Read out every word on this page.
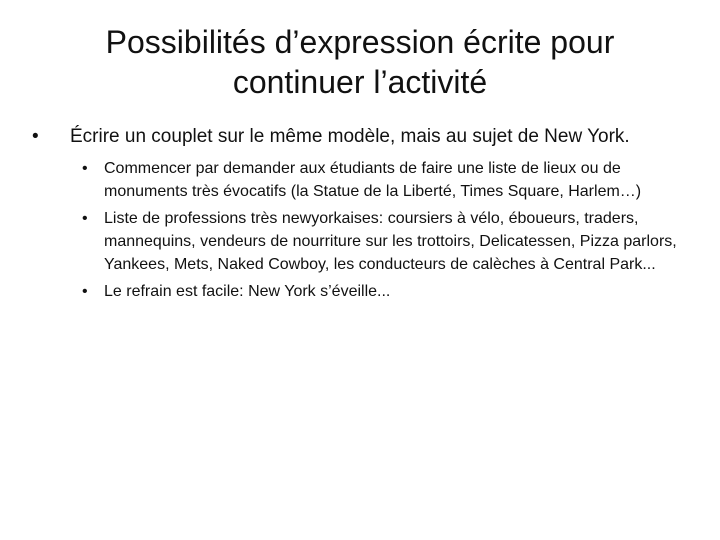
Possibilités d’expression écrite pour continuer l’activité
• Écrire un couplet sur le même modèle, mais au sujet de New York.
• Commencer par demander aux étudiants de faire une liste de lieux ou de monuments très évocatifs (la Statue de la Liberté, Times Square, Harlem…)
• Liste de professions très newyorkaises: coursiers à vélo, éboueurs, traders, mannequins, vendeurs de nourriture sur les trottoirs, Delicatessen, Pizza parlors, Yankees, Mets, Naked Cowboy, les conducteurs de calèches à Central Park...
• Le refrain est facile: New York s’éveille...
